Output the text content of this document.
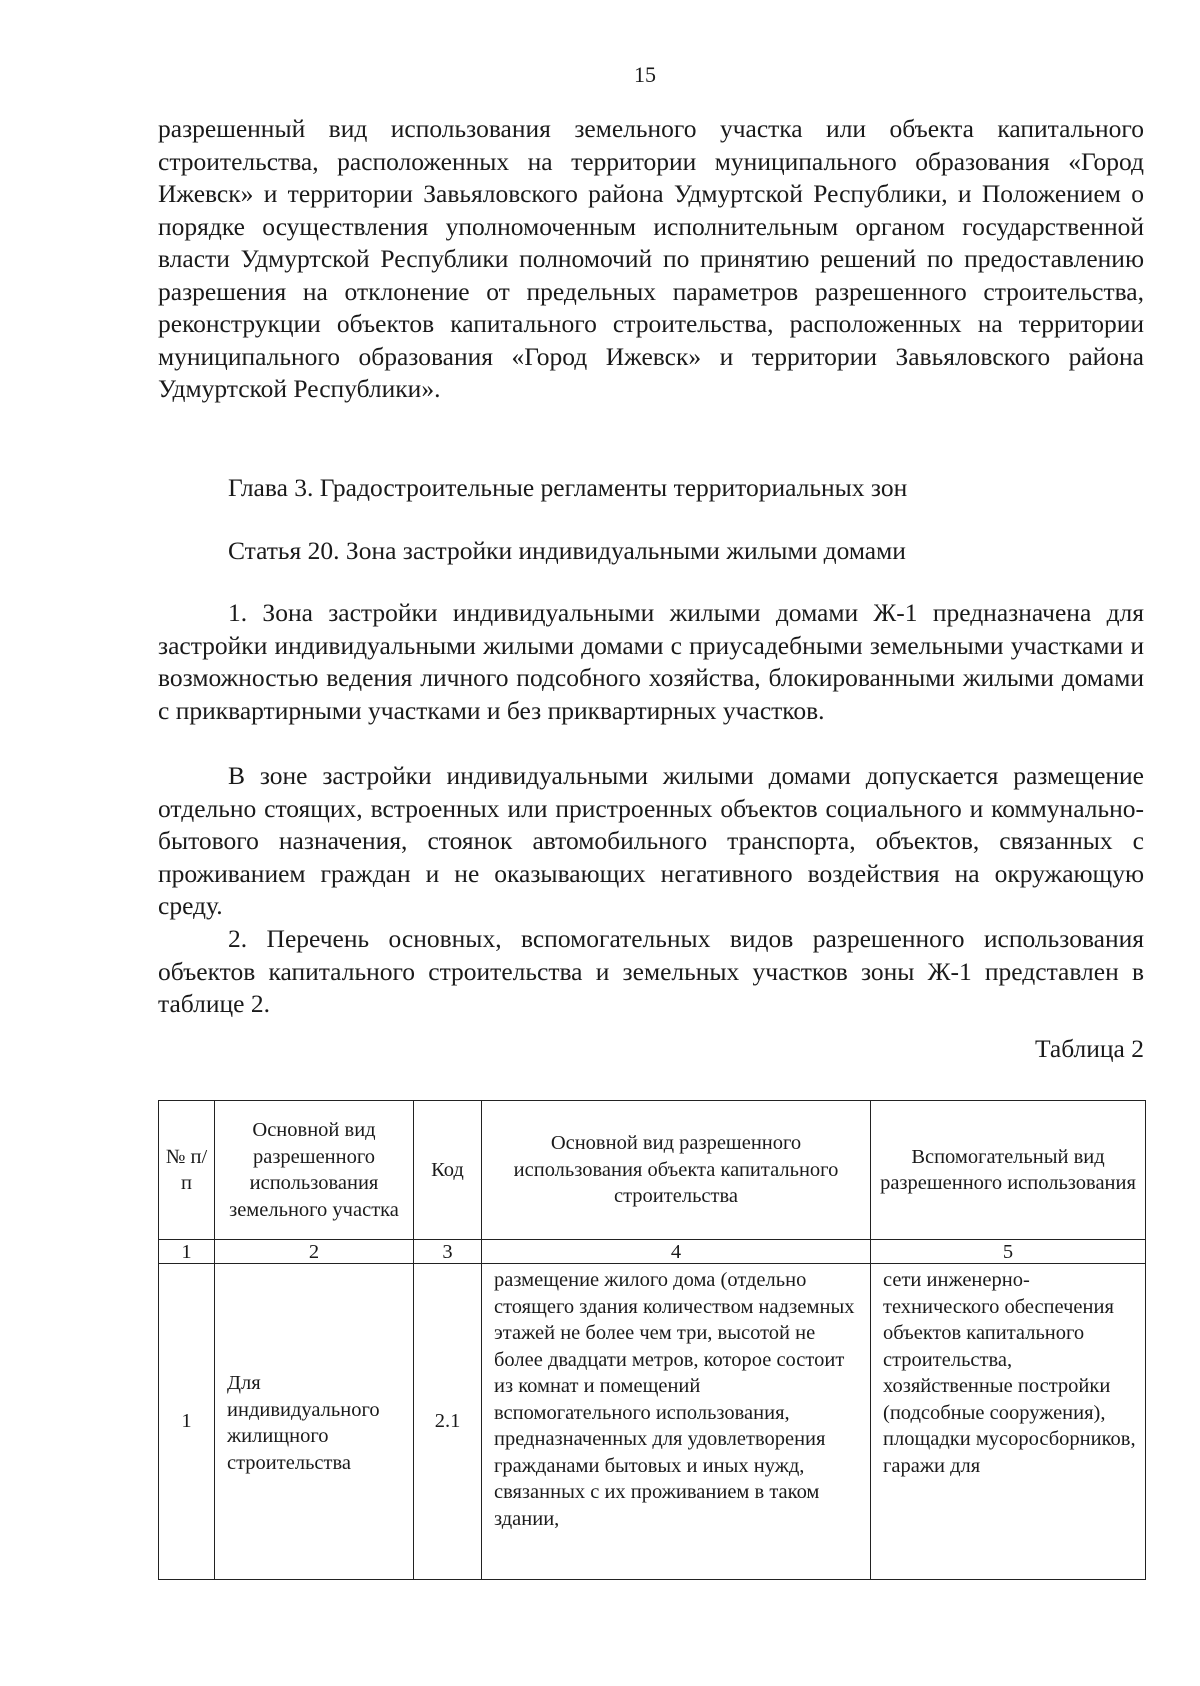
15

разрешенный вид использования земельного участка или объекта капитального строительства, расположенных на территории муниципального образования «Город Ижевск» и территории Завьяловского района Удмуртской Республики, и Положением о порядке осуществления уполномоченным исполнительным органом государственной власти Удмуртской Республики полномочий по принятию решений по предоставлению разрешения на отклонение от предельных параметров разрешенного строительства, реконструкции объектов капитального строительства, расположенных на территории муниципального образования «Город Ижевск» и территории Завьяловского района Удмуртской Республики».

Глава 3. Градостроительные регламенты территориальных зон

Статья 20. Зона застройки индивидуальными жилыми домами

1. Зона застройки индивидуальными жилыми домами Ж-1 предназначена для застройки индивидуальными жилыми домами с приусадебными земельными участками и возможностью ведения личного подсобного хозяйства, блокированными жилыми домами с приквартирными участками и без приквартирных участков.

В зоне застройки индивидуальными жилыми домами допускается размещение отдельно стоящих, встроенных или пристроенных объектов социального и коммунально-бытового назначения, стоянок автомобильного транспорта, объектов, связанных с проживанием граждан и не оказывающих негативного воздействия на окружающую среду.

2. Перечень основных, вспомогательных видов разрешенного использования объектов капитального строительства и земельных участков зоны Ж-1 представлен в таблице 2.

Таблица 2
№ п/п	Основной вид разрешенного использования земельного участка	Код	Основной вид разрешенного использования объекта капитального строительства	Вспомогательный вид разрешенного использования
1	2	3	4	5
1	Для индивидуального жилищного строительства	2.1	размещение жилого дома (отдельно стоящего здания количеством надземных этажей не более чем три, высотой не более двадцати метров, которое состоит из комнат и помещений вспомогательного использования, предназначенных для удовлетворения гражданами бытовых и иных нужд, связанных с их проживанием в таком здании,	сети инженерно-технического обеспечения объектов капитального строительства, хозяйственные постройки (подсобные сооружения), площадки мусоросборников, гаражи для
